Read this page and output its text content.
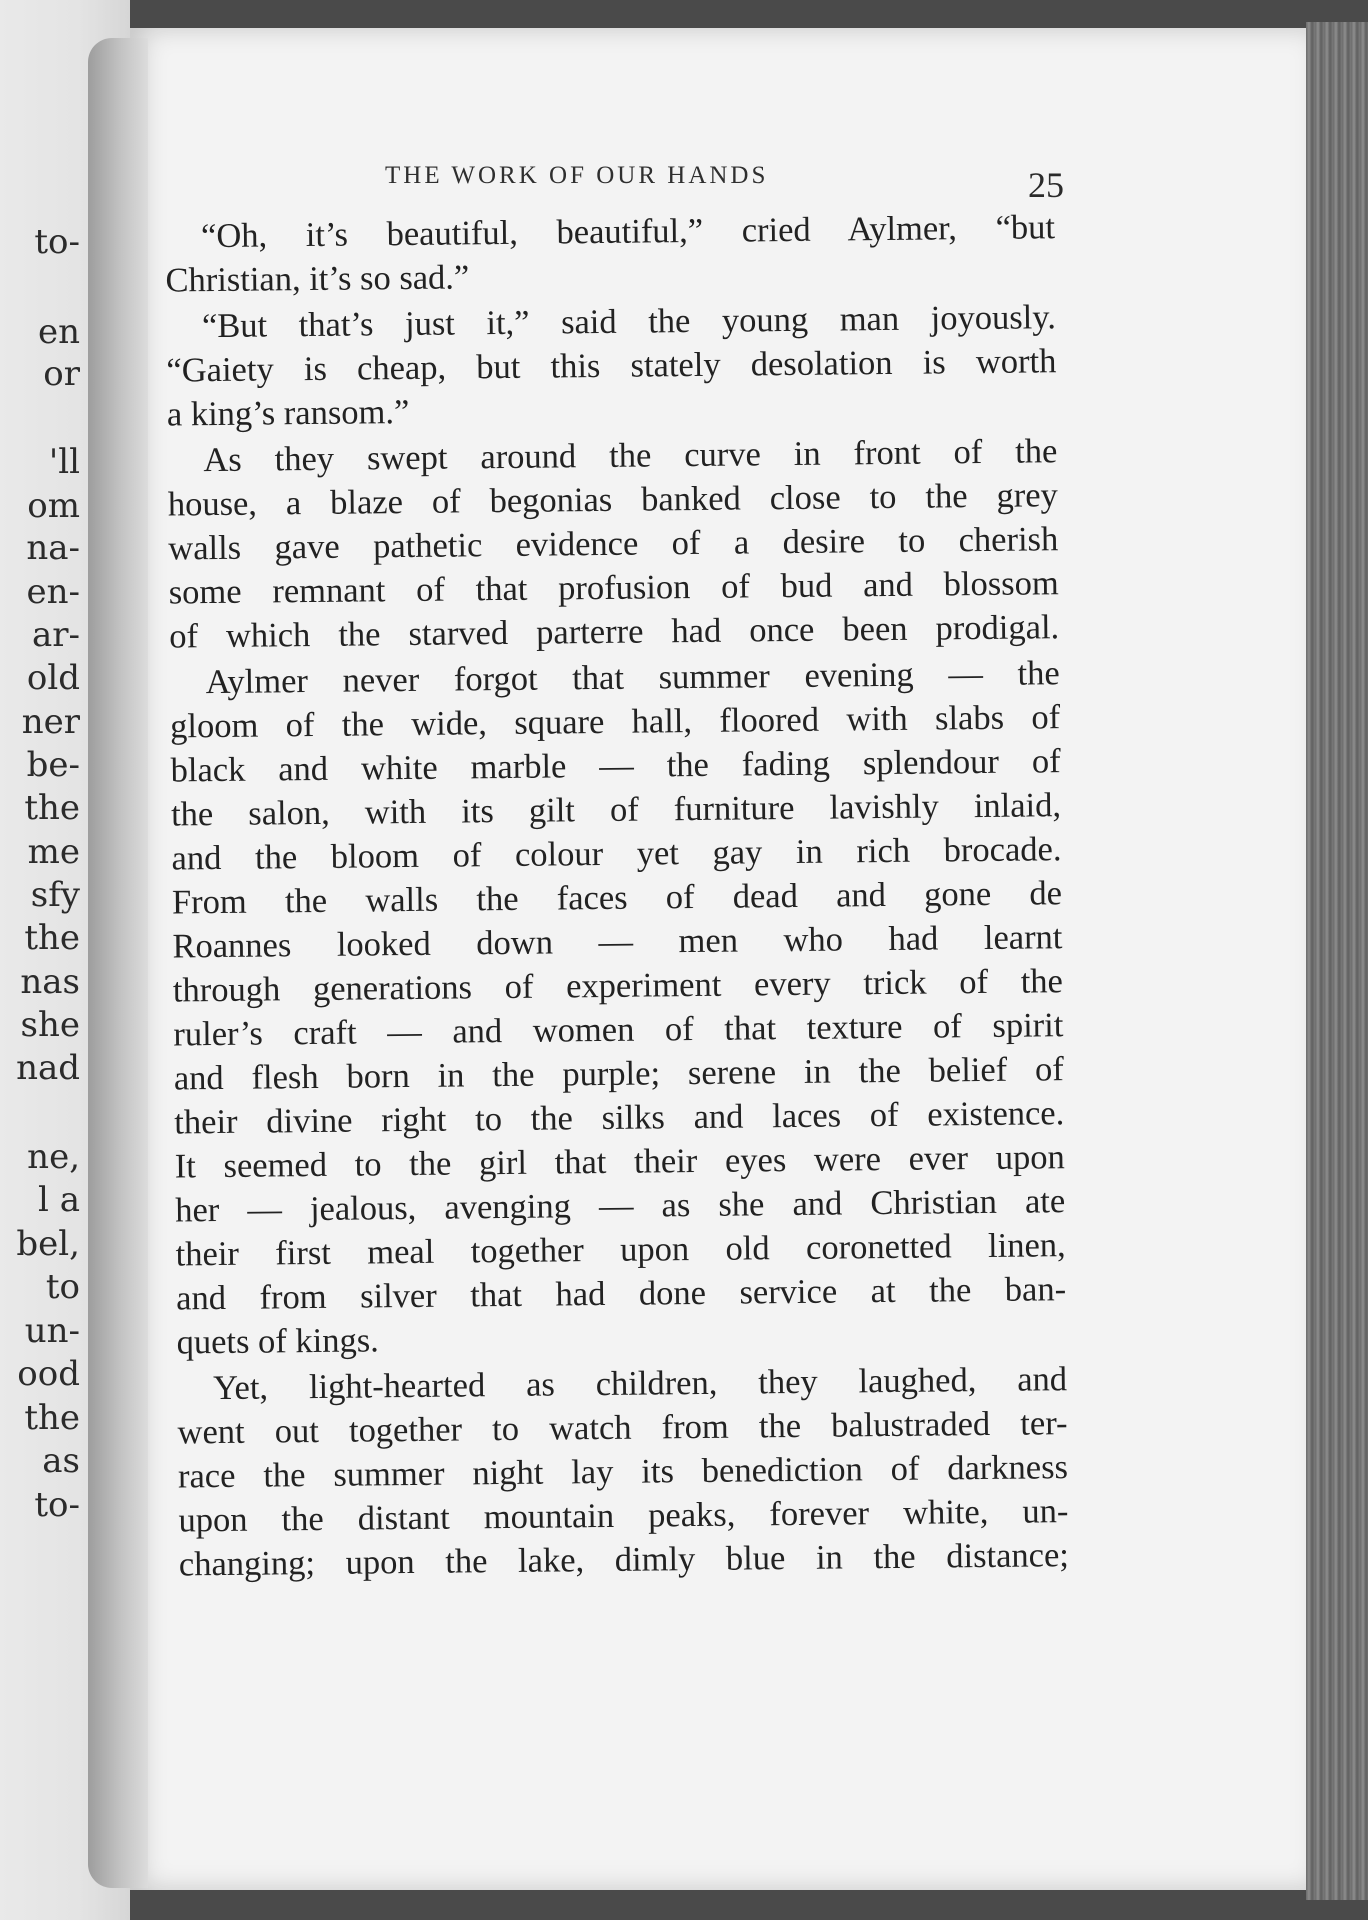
to-
en
or
'll
om
na-
en-
ar-
old
ner
be-
the
me
sfy
the
nas
she
nad
ne,
l a
bel,
to
un-
ood
the
as
to-
THE WORK OF OUR HANDS	25
“Oh, it’s beautiful, beautiful,” cried Aylmer, “but
Christian, it’s so sad.”
“But that’s just it,” said the young man joyously.
“Gaiety is cheap, but this stately desolation is worth
a king’s ransom.”
As they swept around the curve in front of the
house, a blaze of begonias banked close to the grey
walls gave pathetic evidence of a desire to cherish
some remnant of that profusion of bud and blossom
of which the starved parterre had once been prodigal.
Aylmer never forgot that summer evening — the
gloom of the wide, square hall, floored with slabs of
black and white marble — the fading splendour of
the salon, with its gilt of furniture lavishly inlaid,
and the bloom of colour yet gay in rich brocade.
From the walls the faces of dead and gone de
Roannes looked down — men who had learnt
through generations of experiment every trick of the
ruler’s craft — and women of that texture of spirit
and flesh born in the purple; serene in the belief of
their divine right to the silks and laces of existence.
It seemed to the girl that their eyes were ever upon
her — jealous, avenging — as she and Christian ate
their first meal together upon old coronetted linen,
and from silver that had done service at the ban-
quets of kings.
Yet, light-hearted as children, they laughed, and
went out together to watch from the balustraded ter-
race the summer night lay its benediction of darkness
upon the distant mountain peaks, forever white, un-
changing; upon the lake, dimly blue in the distance;
